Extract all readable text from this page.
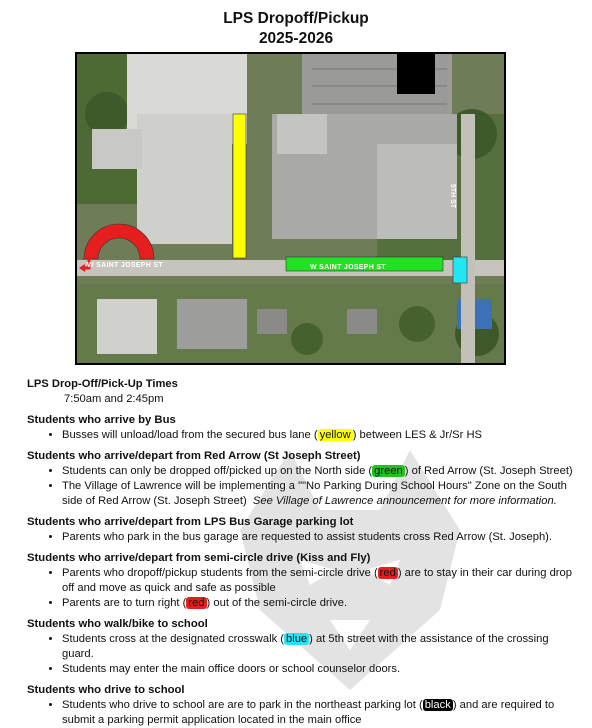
LPS Dropoff/Pickup
2025-2026
W SAINT JOSEPH ST	W SAINT JOSEPH ST
5TH ST
LPS Drop-Off/Pick-Up Times
7:50am and 2:45pm
Students who arrive by Bus
• Busses will unload/load from the secured bus lane ( yellow ) between LES & Jr/Sr HS
Students who arrive/depart from Red Arrow (St Joseph Street)
• Students can only be dropped off/picked up on the North side ( green ) of Red Arrow (St. Joseph Street)
• The Village of Lawrence will be implementing a ""No Parking During School Hours" Zone on the South side of Red Arrow (St. Joseph Street) See Village of Lawrence announcement for more information.
Students who arrive/depart from LPS Bus Garage parking lot
• Parents who park in the bus garage are requested to assist students cross Red Arrow (St. Joseph).
Students who arrive/depart from semi-circle drive (Kiss and Fly)
• Parents who dropoff/pickup students from the semi-circle drive ( red ) are to stay in their car during drop off and move as quick and safe as possible
• Parents are to turn right ( red ) out of the semi-circle drive.
Students who walk/bike to school
• Students cross at the designated crosswalk ( blue ) at 5th street with the assistance of the crossing guard.
• Students may enter the main office doors or school counselor doors.
Students who drive to school
• Students who drive to school are are to park in the northeast parking lot ( black ) and are required to submit a parking permit application located in the main office
